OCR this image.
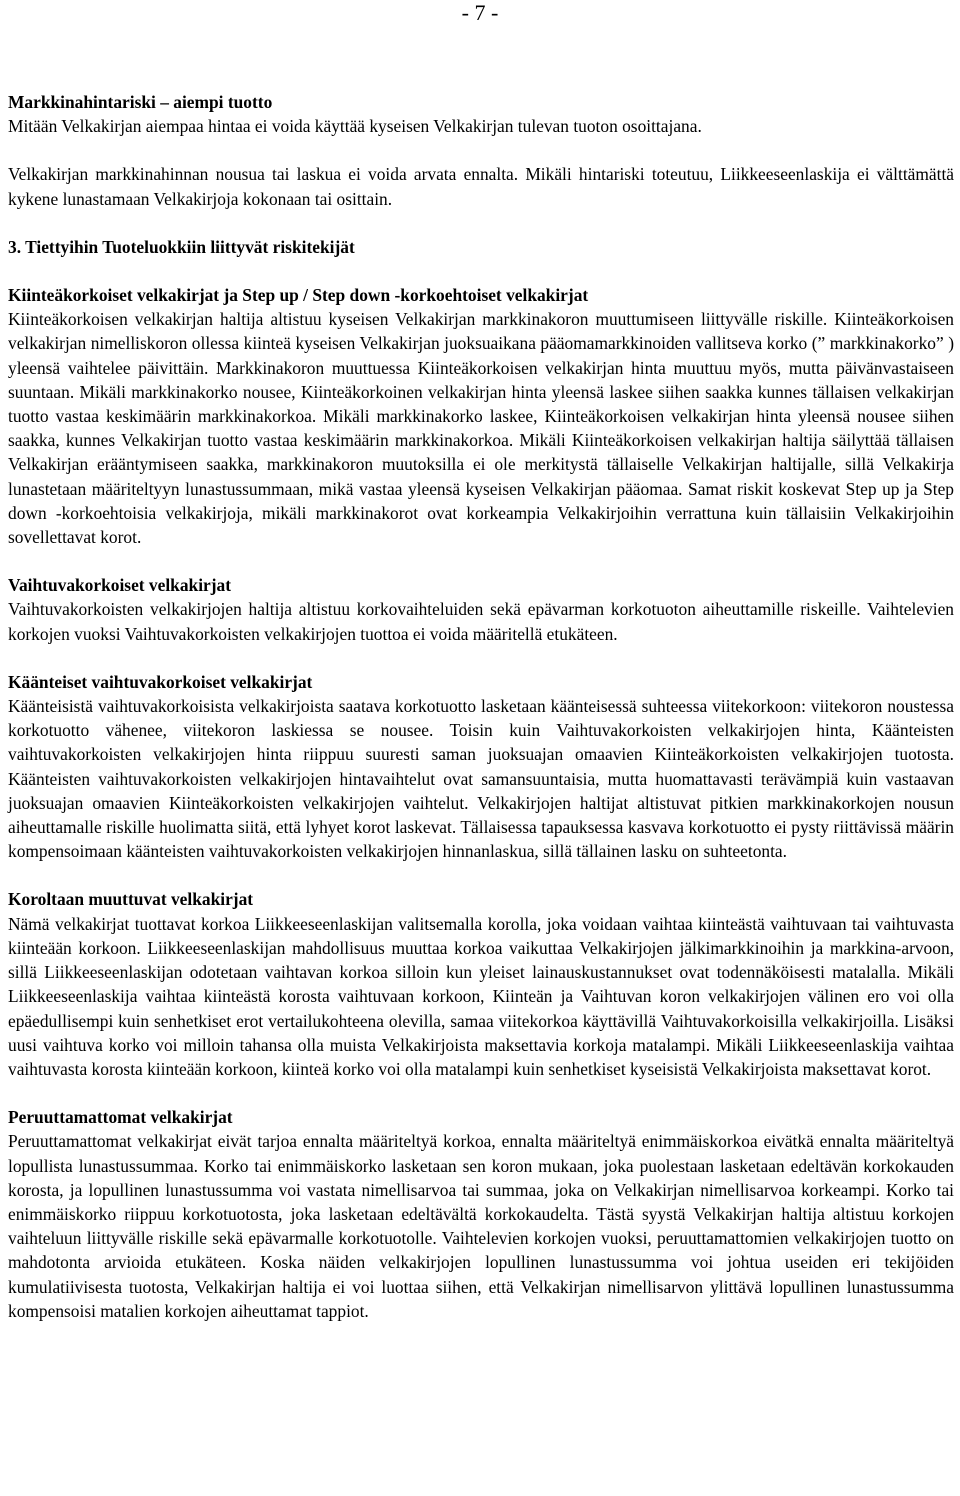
- 7 -

Markkinahintariski – aiempi tuotto

Mitään Velkakirjan aiempaa hintaa ei voida käyttää kyseisen Velkakirjan tulevan tuoton osoittajana.

Velkakirjan markkinahinnan nousua tai laskua ei voida arvata ennalta. Mikäli hintariski toteutuu, Liikkeeseenlaskija ei välttämättä kykene lunastamaan Velkakirjoja kokonaan tai osittain.

3. Tiettyihin Tuoteluokkiin liittyvät riskitekijät

Kiinteäkorkoiset velkakirjat ja Step up / Step down -korkoehtoiset velkakirjat

Kiinteäkorkoisen velkakirjan haltija altistuu kyseisen Velkakirjan markkinakoron muuttumiseen liittyvälle riskille. Kiinteäkorkoisen velkakirjan nimelliskoron ollessa kiinteä kyseisen Velkakirjan juoksuaikana pääomamarkkinoiden vallitseva korko (” markkinakorko” ) yleensä vaihtelee päivittäin. Markkinakoron muuttuessa Kiinteäkorkoisen velkakirjan hinta muuttuu myös, mutta päivänvastaiseen suuntaan. Mikäli markkinakorko nousee, Kiinteäkorkoinen velkakirjan hinta yleensä laskee siihen saakka kunnes tällaisen velkakirjan tuotto vastaa keskimäärin markkinakorkoa. Mikäli markkinakorko laskee, Kiinteäkorkoisen velkakirjan hinta yleensä nousee siihen saakka, kunnes Velkakirjan tuotto vastaa keskimäärin markkinakorkoa. Mikäli Kiinteäkorkoisen velkakirjan haltija säilyttää tällaisen Velkakirjan erääntymiseen saakka, markkinakoron muutoksilla ei ole merkitystä tällaiselle Velkakirjan haltijalle, sillä Velkakirja lunastetaan määriteltyyn lunastussummaan, mikä vastaa yleensä kyseisen Velkakirjan pääomaa. Samat riskit koskevat Step up ja Step down -korkoehtoisia velkakirjoja, mikäli markkinakorot ovat korkeampia Velkakirjoihin verrattuna kuin tällaisiin Velkakirjoihin sovellettavat korot.

Vaihtuvakorkoiset velkakirjat

Vaihtuvakorkoisten velkakirjojen haltija altistuu korkovaihteluiden sekä epävarman korkotuoton aiheuttamille riskeille. Vaihtelevien korkojen vuoksi Vaihtuvakorkoisten velkakirjojen tuottoa ei voida määritellä etukäteen.

Käänteiset vaihtuvakorkoiset velkakirjat

Käänteisistä vaihtuvakorkoisista velkakirjoista saatava korkotuotto lasketaan käänteisessä suhteessa viitekorkoon: viitekoron noustessa korkotuotto vähenee, viitekoron laskiessa se nousee. Toisin kuin Vaihtuvakorkoisten velkakirjojen hinta, Käänteisten vaihtuvakorkoisten velkakirjojen hinta riippuu suuresti saman juoksuajan omaavien Kiinteäkorkoisten velkakirjojen tuotosta. Käänteisten vaihtuvakorkoisten velkakirjojen hintavaihtelut ovat samansuuntaisia, mutta huomattavasti terävämpiä kuin vastaavan juoksuajan omaavien Kiinteäkorkoisten velkakirjojen vaihtelut. Velkakirjojen haltijat altistuvat pitkien markkinakorkojen nousun aiheuttamalle riskille huolimatta siitä, että lyhyet korot laskevat. Tällaisessa tapauksessa kasvava korkotuotto ei pysty riittävissä määrin kompensoimaan käänteisten vaihtuvakorkoisten velkakirjojen hinnanlaskua, sillä tällainen lasku on suhteetonta.

Koroltaan muuttuvat velkakirjat

Nämä velkakirjat tuottavat korkoa Liikkeeseenlaskijan valitsemalla korolla, joka voidaan vaihtaa kiinteästä vaihtuvaan tai vaihtuvasta kiinteään korkoon. Liikkeeseenlaskijan mahdollisuus muuttaa korkoa vaikuttaa Velkakirjojen jälkimarkkinoihin ja markkina-arvoon, sillä Liikkeeseenlaskijan odotetaan vaihtavan korkoa silloin kun yleiset lainauskustannukset ovat todennäköisesti matalalla. Mikäli Liikkeeseenlaskija vaihtaa kiinteästä korosta vaihtuvaan korkoon, Kiinteän ja Vaihtuvan koron velkakirjojen välinen ero voi olla epäedullisempi kuin senhetkiset erot vertailukohteena olevilla, samaa viitekorkoa käyttävillä Vaihtuvakorkoisilla velkakirjoilla. Lisäksi uusi vaihtuva korko voi milloin tahansa olla muista Velkakirjoista maksettavia korkoja matalampi. Mikäli Liikkeeseenlaskija vaihtaa vaihtuvasta korosta kiinteään korkoon, kiinteä korko voi olla matalampi kuin senhetkiset kyseisistä Velkakirjoista maksettavat korot.

Peruuttamattomat velkakirjat

Peruuttamattomat velkakirjat eivät tarjoa ennalta määriteltyä korkoa, ennalta määriteltyä enimmäiskorkoa eivätkä ennalta määriteltyä lopullista lunastussummaa. Korko tai enimmäiskorko lasketaan sen koron mukaan, joka puolestaan lasketaan edeltävän korkokauden korosta, ja lopullinen lunastussumma voi vastata nimellisarvoa tai summaa, joka on Velkakirjan nimellisarvoa korkeampi. Korko tai enimmäiskorko riippuu korkotuotosta, joka lasketaan edeltävältä korkokaudelta. Tästä syystä Velkakirjan haltija altistuu korkojen vaihteluun liittyvälle riskille sekä epävarmalle korkotuotolle. Vaihtelevien korkojen vuoksi, peruuttamattomien velkakirjojen tuotto on mahdotonta arvioida etukäteen. Koska näiden velkakirjojen lopullinen lunastussumma voi johtua useiden eri tekijöiden kumulatiivisesta tuotosta, Velkakirjan haltija ei voi luottaa siihen, että Velkakirjan nimellisarvon ylittävä lopullinen lunastussumma kompensoisi matalien korkojen aiheuttamat tappiot.
